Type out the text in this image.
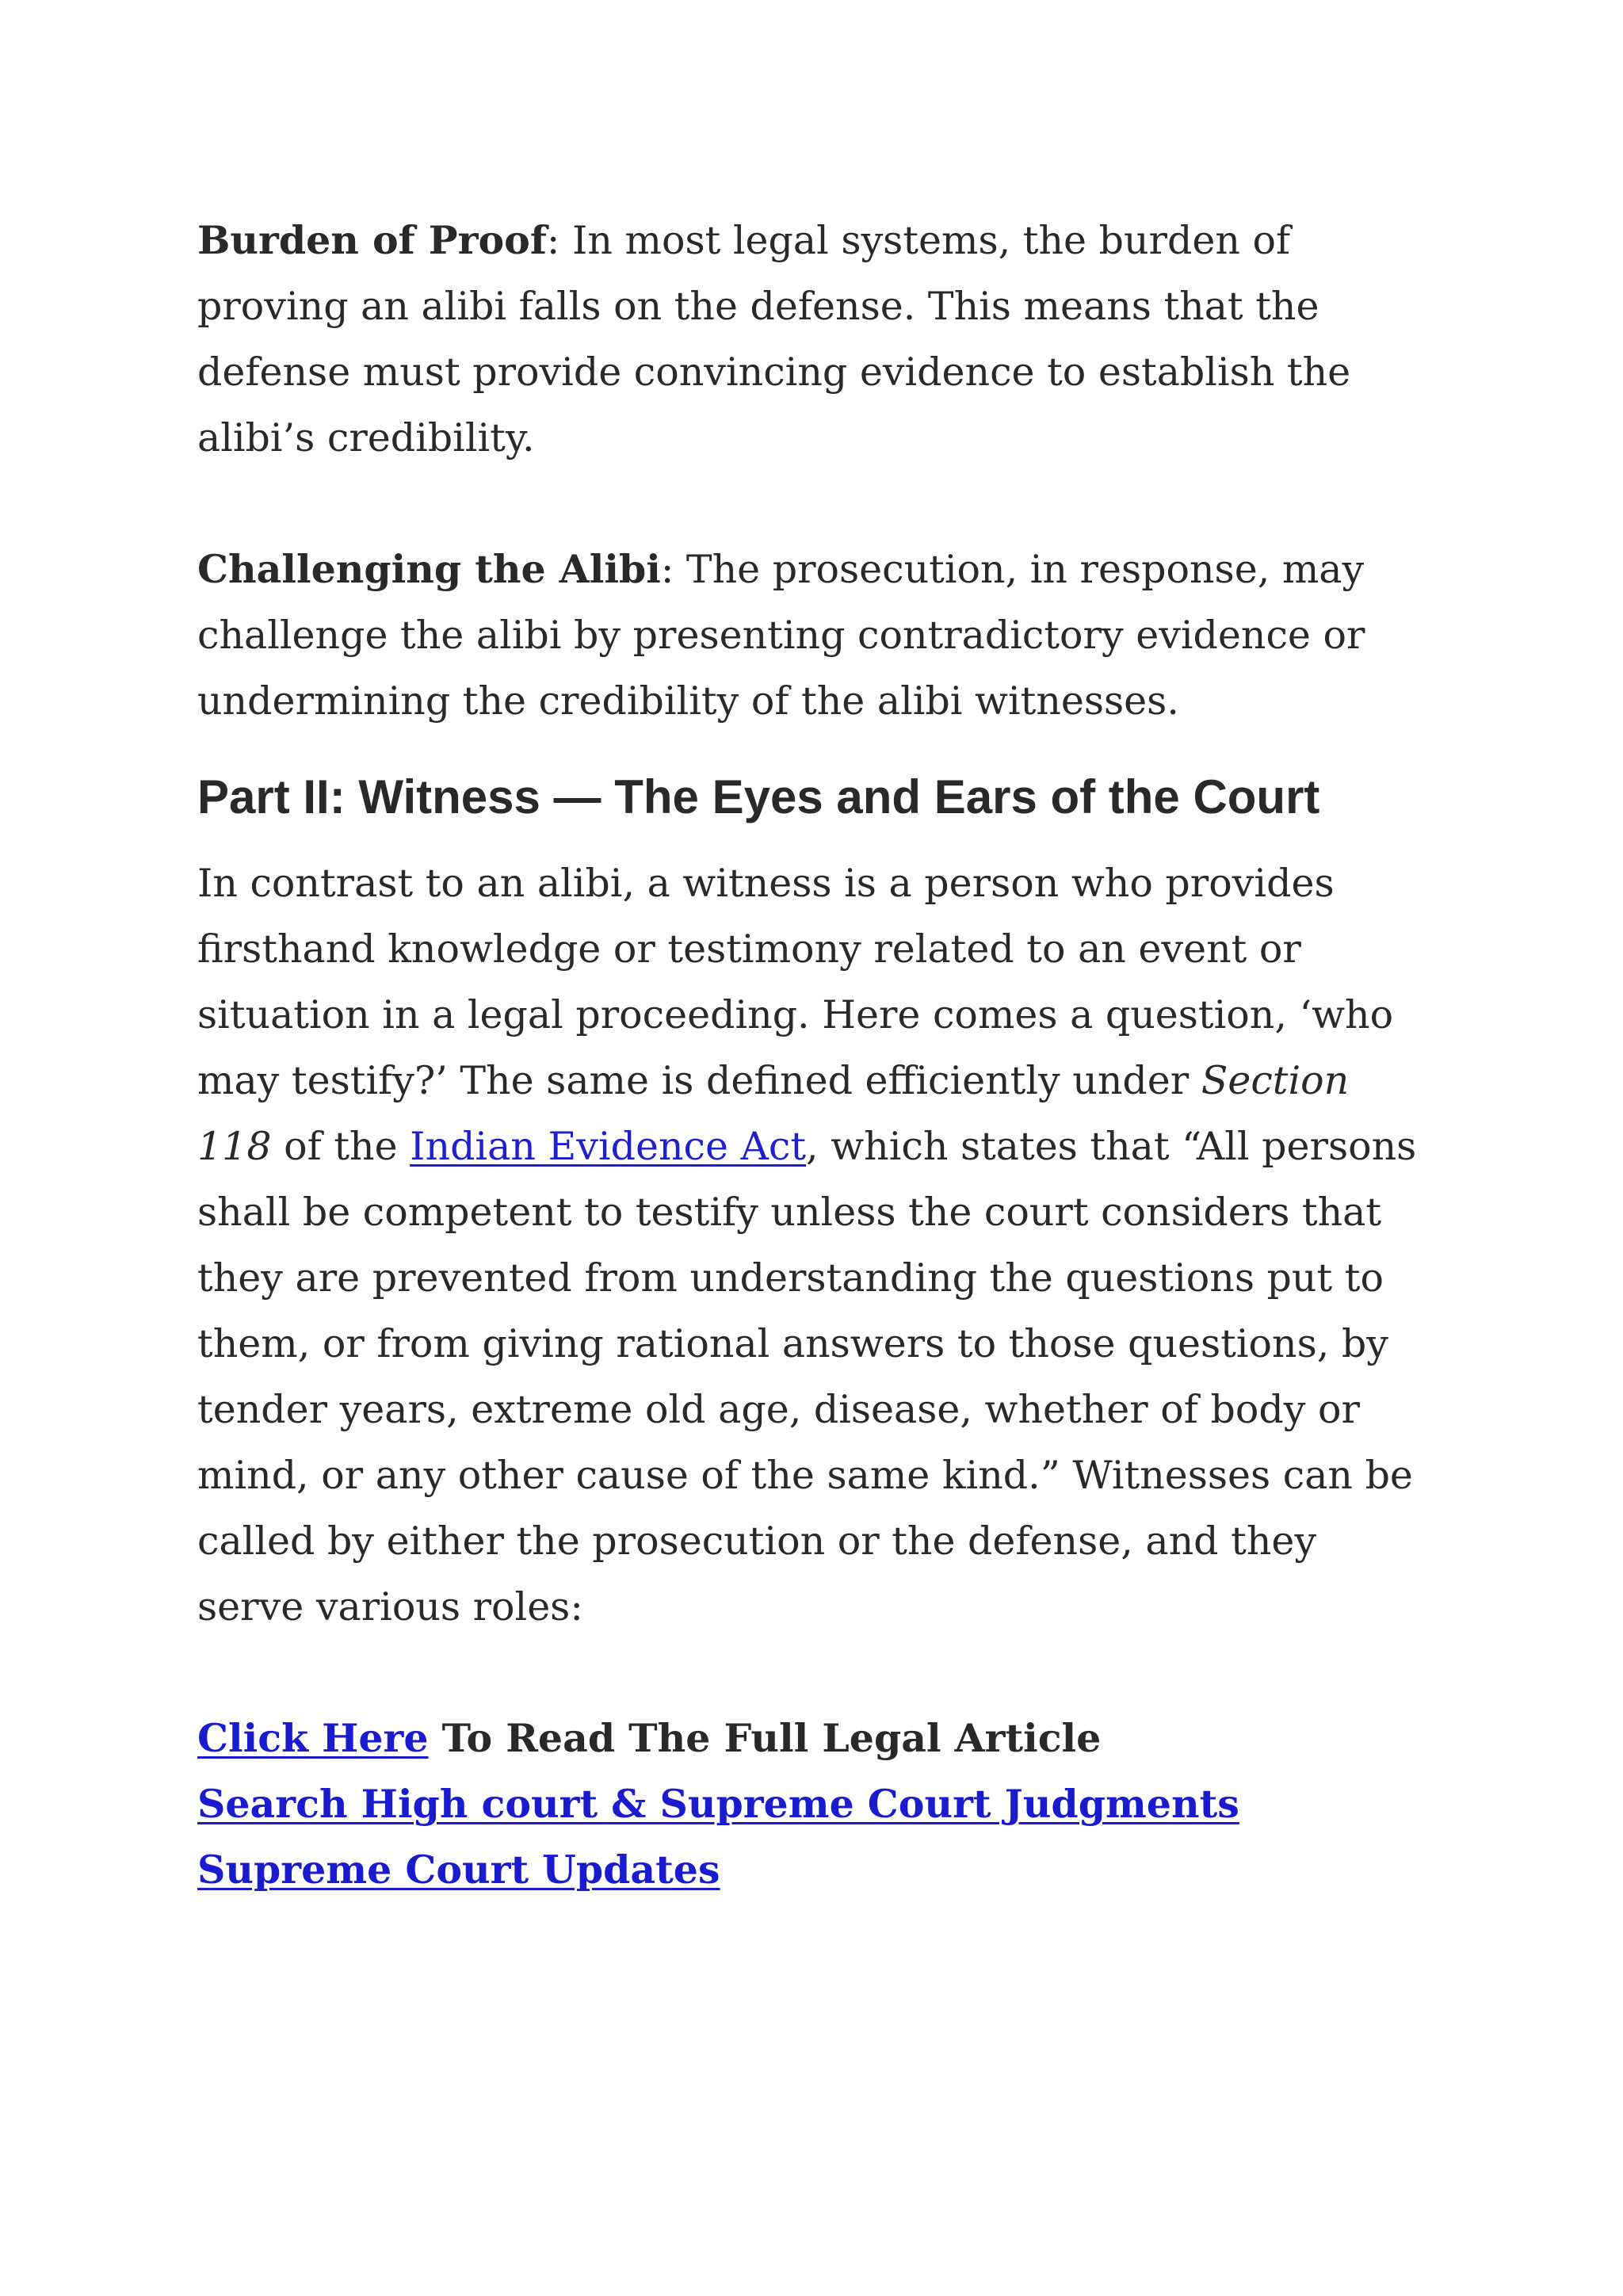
Burden of Proof: In most legal systems, the burden of proving an alibi falls on the defense. This means that the defense must provide convincing evidence to establish the alibi’s credibility.

Challenging the Alibi: The prosecution, in response, may challenge the alibi by presenting contradictory evidence or undermining the credibility of the alibi witnesses.

Part II: Witness — The Eyes and Ears of the Court

In contrast to an alibi, a witness is a person who provides firsthand knowledge or testimony related to an event or situation in a legal proceeding. Here comes a question, ‘who may testify?’ The same is defined efficiently under Section 118 of the Indian Evidence Act, which states that “All persons shall be competent to testify unless the court considers that they are prevented from understanding the questions put to them, or from giving rational answers to those questions, by tender years, extreme old age, disease, whether of body or mind, or any other cause of the same kind.” Witnesses can be called by either the prosecution or the defense, and they serve various roles:

Click Here To Read The Full Legal Article
Search High court & Supreme Court Judgments
Supreme Court Updates
